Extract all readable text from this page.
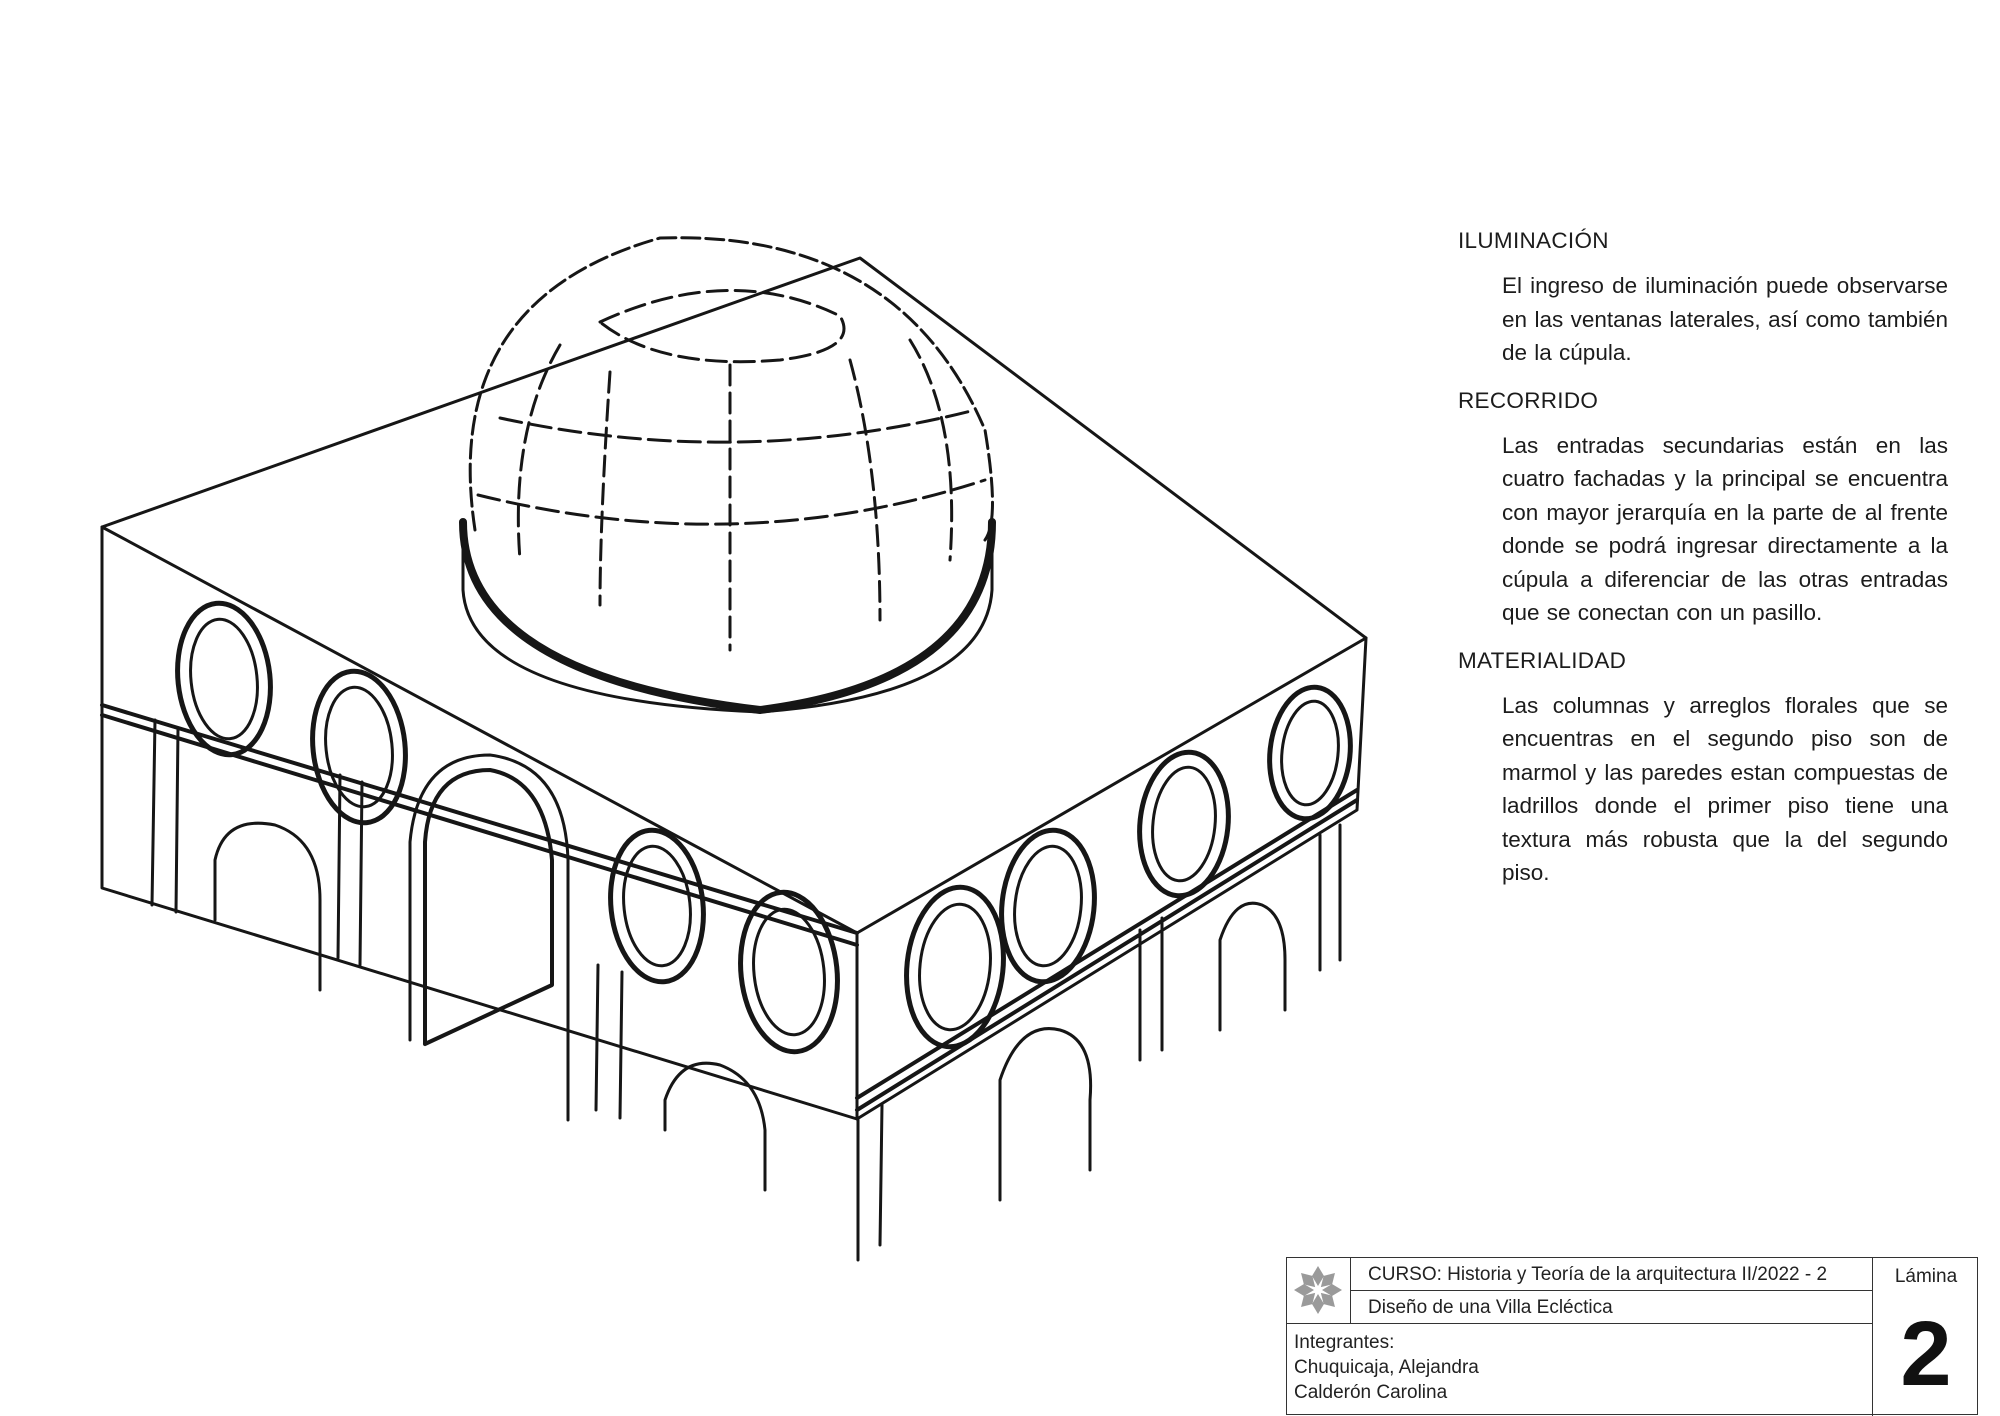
ILUMINACIÓN

El ingreso de iluminación puede observarse en las ventanas laterales, así como también de la cúpula.

RECORRIDO

Las entradas secundarias están en las cuatro fachadas y la principal se encuentra con mayor jerarquía en la parte de al frente donde se podrá ingresar directamente a la cúpula a diferenciar de las otras entradas que se conectan con un pasillo.

MATERIALIDAD

Las columnas y arreglos florales que se encuentras en el segundo piso son de marmol y las paredes estan compuestas de ladrillos donde el primer piso tiene una textura más robusta que la del segundo piso.

CURSO: Historia y Teoría de la arquitectura II/2022 - 2
Diseño de una Villa Ecléctica
Integrantes:
Chuquicaja, Alejandra
Calderón Carolina
Lámina
2
